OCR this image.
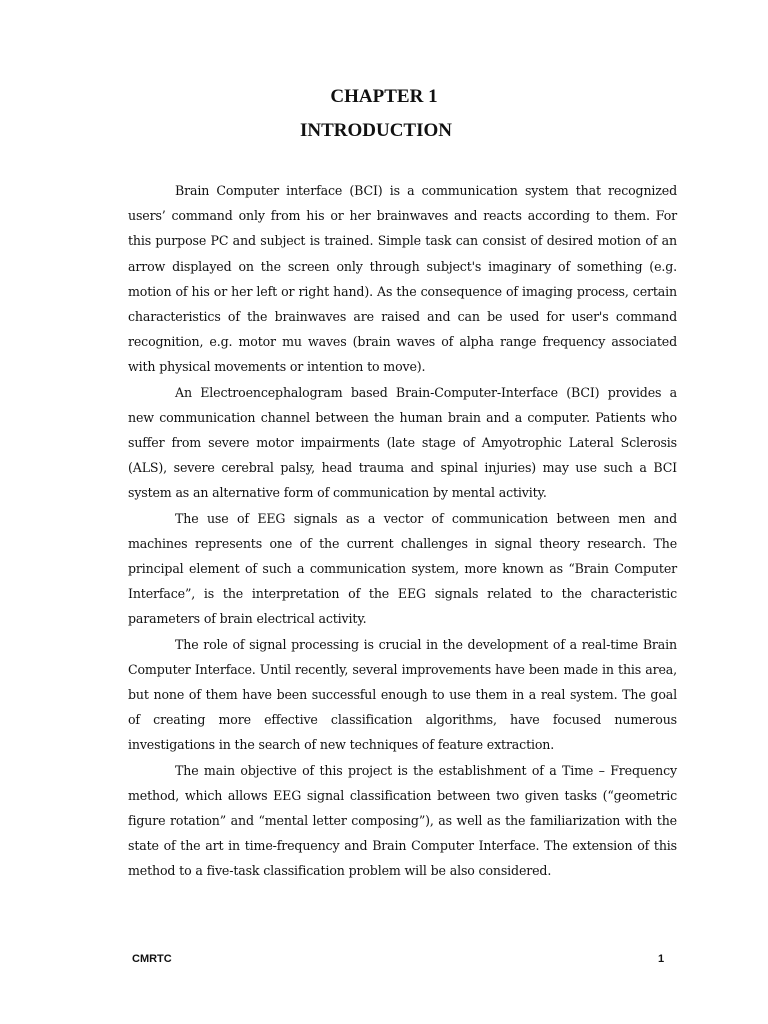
CHAPTER 1
INTRODUCTION

Brain Computer interface (BCI) is a communication system that recognized users’ command only from his or her brainwaves and reacts according to them. For this purpose PC and subject is trained. Simple task can consist of desired motion of an arrow displayed on the screen only through subject's imaginary of something (e.g. motion of his or her left or right hand). As the consequence of imaging process, certain characteristics of the brainwaves are raised and can be used for user's command recognition, e.g. motor mu waves (brain waves of alpha range frequency associated with physical movements or intention to move).

An Electroencephalogram based Brain-Computer-Interface (BCI) provides a new communication channel between the human brain and a computer. Patients who suffer from severe motor impairments (late stage of Amyotrophic Lateral Sclerosis (ALS), severe cerebral palsy, head trauma and spinal injuries) may use such a BCI system as an alternative form of communication by mental activity.

The use of EEG signals as a vector of communication between men and machines represents one of the current challenges in signal theory research. The principal element of such a communication system, more known as “Brain Computer Interface”, is the interpretation of the EEG signals related to the characteristic parameters of brain electrical activity.

The role of signal processing is crucial in the development of a real-time Brain Computer Interface. Until recently, several improvements have been made in this area, but none of them have been successful enough to use them in a real system. The goal of creating more effective classification algorithms, have focused numerous investigations in the search of new techniques of feature extraction.

The main objective of this project is the establishment of a Time – Frequency method, which allows EEG signal classification between two given tasks (“geometric figure rotation” and “mental letter composing”), as well as the familiarization with the state of the art in time-frequency and Brain Computer Interface. The extension of this method to a five-task classification problem will be also considered.

CMRTC	1
